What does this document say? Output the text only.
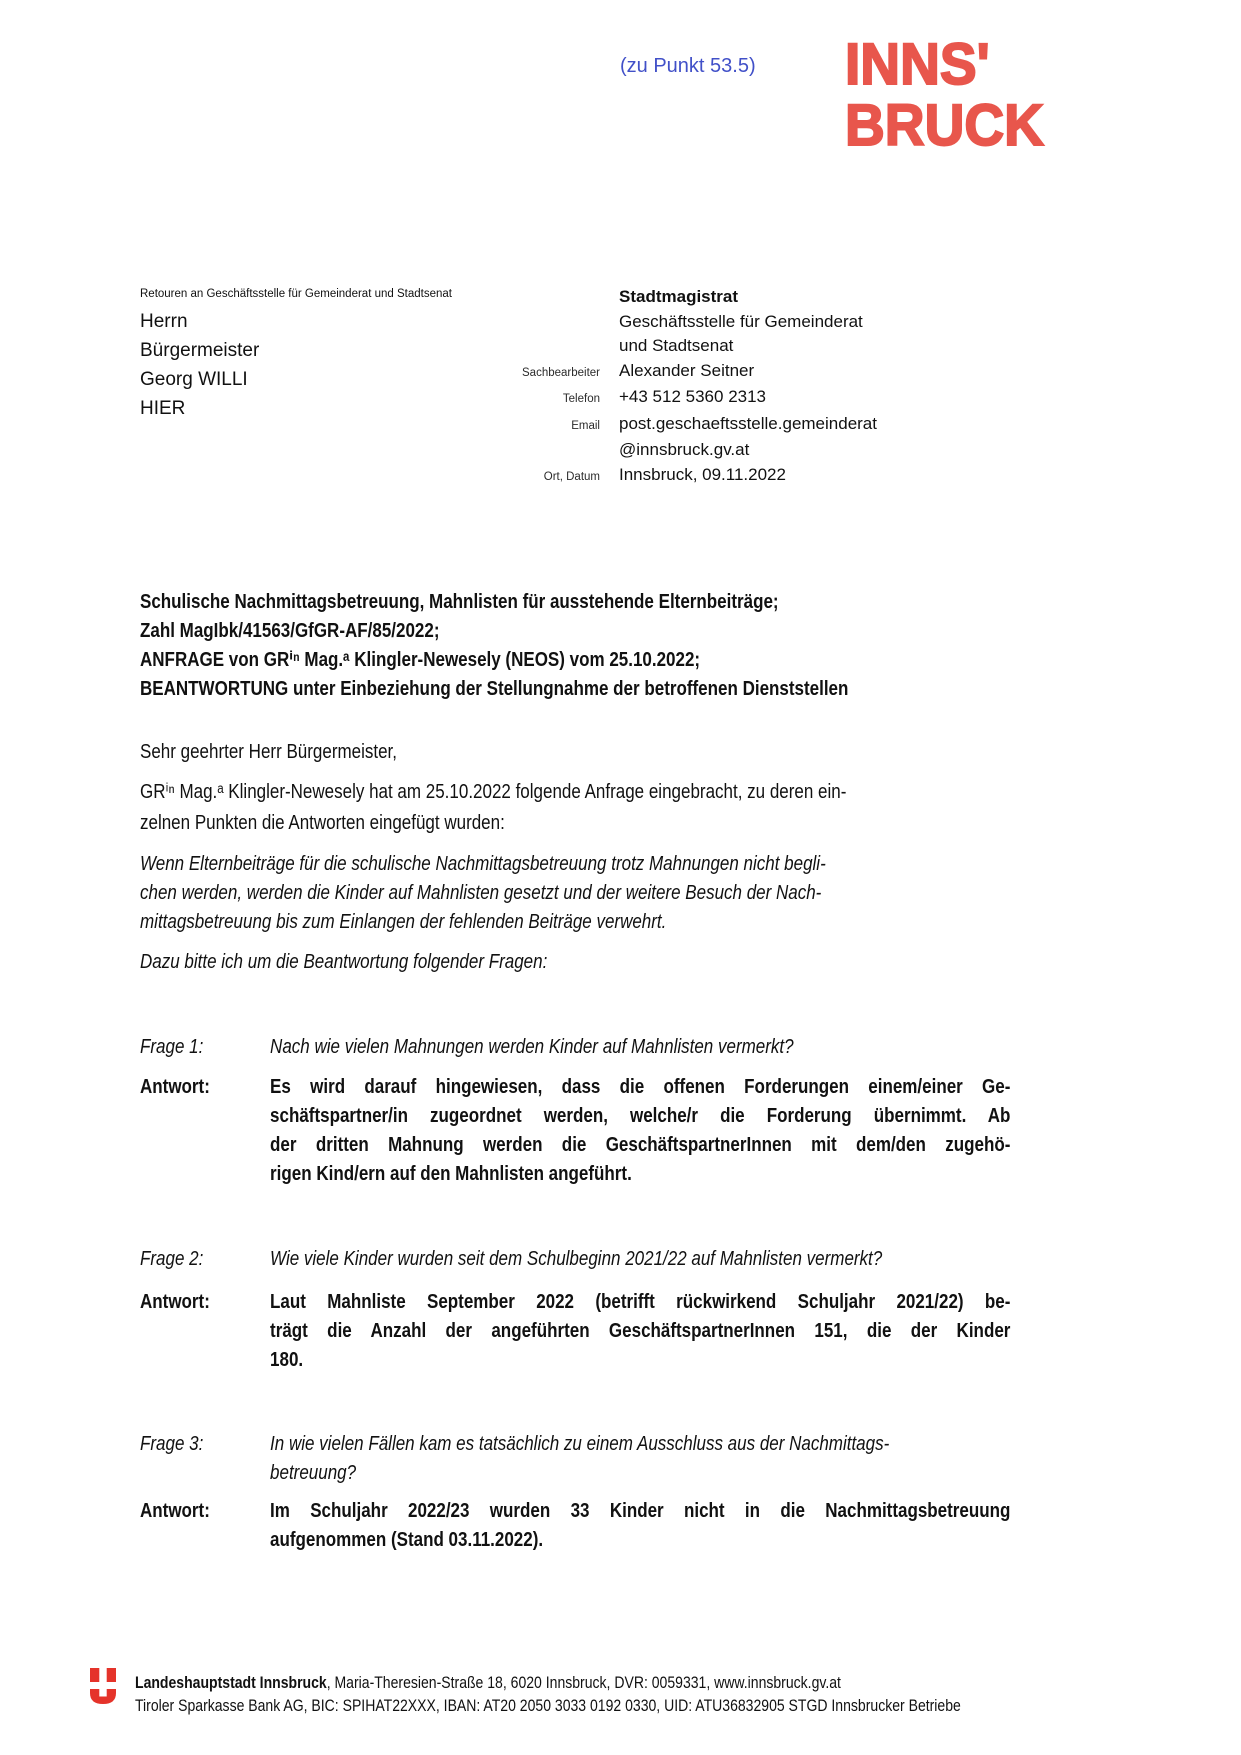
(zu Punkt 53.5) INNS'
BRUCK
Retouren an Geschäftsstelle für Gemeinderat und Stadtsenat
Herrn
Bürgermeister
Georg WILLI
HIER
Stadtmagistrat
Geschäftsstelle für Gemeinderat
und Stadtsenat
Sachbearbeiter Alexander Seitner
Telefon +43 512 5360 2313
Email post.geschaeftsstelle.gemeinderat
@innsbruck.gv.at
Ort, Datum Innsbruck, 09.11.2022
Schulische Nachmittagsbetreuung, Mahnlisten für ausstehende Elternbeiträge;
Zahl MagIbk/41563/GfGR-AF/85/2022;
ANFRAGE von GRⁱⁿ Mag.ᵃ Klingler-Newesely (NEOS) vom 25.10.2022;
BEANTWORTUNG unter Einbeziehung der Stellungnahme der betroffenen Dienststellen
Sehr geehrter Herr Bürgermeister,
GRⁱⁿ Mag.ᵃ Klingler-Newesely hat am 25.10.2022 folgende Anfrage eingebracht, zu deren ein-
zelnen Punkten die Antworten eingefügt wurden:
Wenn Elternbeiträge für die schulische Nachmittagsbetreuung trotz Mahnungen nicht begli-
chen werden, werden die Kinder auf Mahnlisten gesetzt und der weitere Besuch der Nach-
mittagsbetreuung bis zum Einlangen der fehlenden Beiträge verwehrt.
Dazu bitte ich um die Beantwortung folgender Fragen:
Frage 1:	Nach wie vielen Mahnungen werden Kinder auf Mahnlisten vermerkt?
Antwort:	Es wird darauf hingewiesen, dass die offenen Forderungen einem/einer Ge-
schäftspartner/in zugeordnet werden, welche/r die Forderung übernimmt. Ab
der dritten Mahnung werden die GeschäftspartnerInnen mit dem/den zugehö-
rigen Kind/ern auf den Mahnlisten angeführt.
Frage 2:	Wie viele Kinder wurden seit dem Schulbeginn 2021/22 auf Mahnlisten vermerkt?
Antwort:	Laut Mahnliste September 2022 (betrifft rückwirkend Schuljahr 2021/22) be-
trägt die Anzahl der angeführten GeschäftspartnerInnen 151, die der Kinder
180.
Frage 3:	In wie vielen Fällen kam es tatsächlich zu einem Ausschluss aus der Nachmittags-
betreuung?
Antwort:	Im Schuljahr 2022/23 wurden 33 Kinder nicht in die Nachmittagsbetreuung
aufgenommen (Stand 03.11.2022).
Landeshauptstadt Innsbruck, Maria-Theresien-Straße 18, 6020 Innsbruck, DVR: 0059331, www.innsbruck.gv.at
Tiroler Sparkasse Bank AG, BIC: SPIHAT22XXX, IBAN: AT20 2050 3033 0192 0330, UID: ATU36832905 STGD Innsbrucker Betriebe
